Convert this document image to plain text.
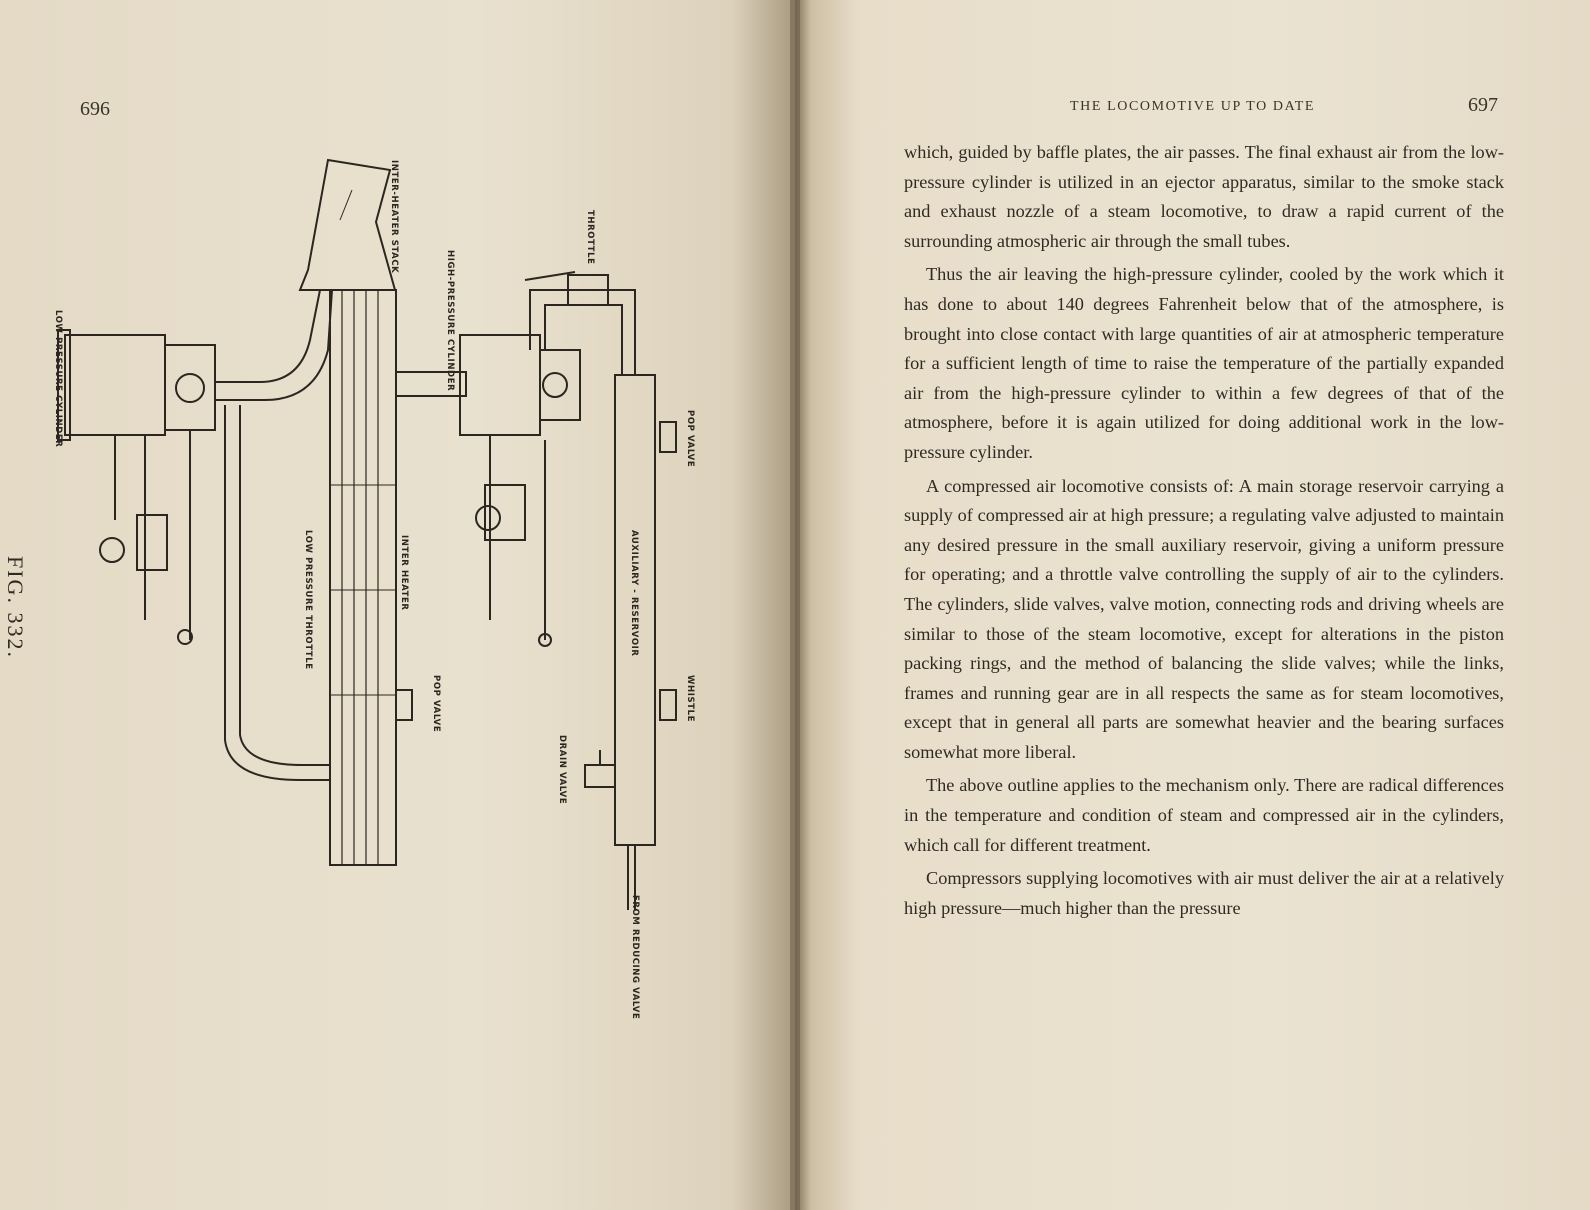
696
INTER-HEATER STACK
HIGH-PRESSURE CYLINDER
LOW PRESSURE CYLINDER
THROTTLE
POP VALVE
LOW PRESSURE THROTTLE	INTER HEATER	AUXILIARY - RESERVOIR
POP VALVE	WHISTLE
DRAIN VALVE
FROM REDUCING VALVE
FIG. 332.
THE LOCOMOTIVE UP TO DATE	697

which, guided by baffle plates, the air passes. The final exhaust air from the low-pressure cylinder is utilized in an ejector apparatus, similar to the smoke stack and exhaust nozzle of a steam locomotive, to draw a rapid current of the surrounding atmospheric air through the small tubes.

Thus the air leaving the high-pressure cylinder, cooled by the work which it has done to about 140 degrees Fahrenheit below that of the atmosphere, is brought into close contact with large quantities of air at atmospheric temperature for a sufficient length of time to raise the temperature of the partially expanded air from the high-pressure cylinder to within a few degrees of that of the atmosphere, before it is again utilized for doing additional work in the low-pressure cylinder.

A compressed air locomotive consists of: A main storage reservoir carrying a supply of compressed air at high pressure; a regulating valve adjusted to maintain any desired pressure in the small auxiliary reservoir, giving a uniform pressure for operating; and a throttle valve controlling the supply of air to the cylinders. The cylinders, slide valves, valve motion, connecting rods and driving wheels are similar to those of the steam locomotive, except for alterations in the piston packing rings, and the method of balancing the slide valves; while the links, frames and running gear are in all respects the same as for steam locomotives, except that in general all parts are somewhat heavier and the bearing surfaces somewhat more liberal.

The above outline applies to the mechanism only. There are radical differences in the temperature and condition of steam and compressed air in the cylinders, which call for different treatment.

Compressors supplying locomotives with air must deliver the air at a relatively high pressure—much higher than the pressure
